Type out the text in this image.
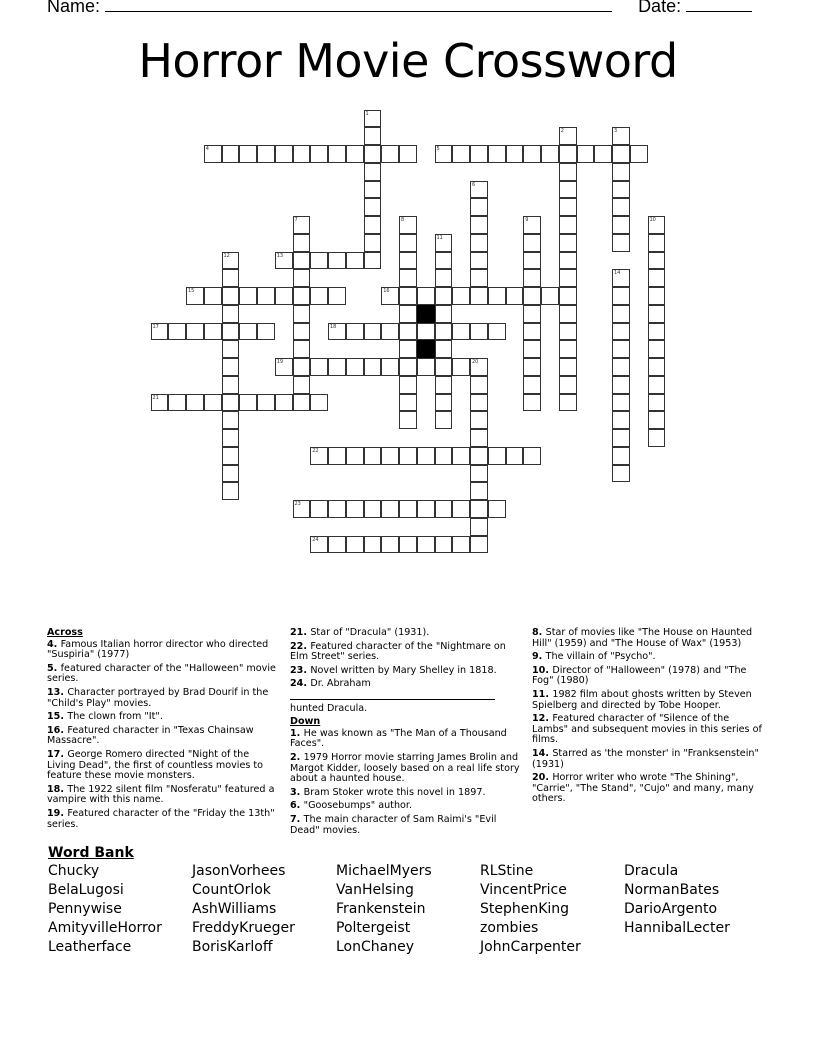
Name:	Date:
Horror Movie Crossword
1
2	3
4	5
6
7	8	9	10
11
12	13
14
15	16
17	18
19	20
21
22
23
24
Across
4. Famous Italian horror director who directed "Suspiria" (1977)
5. featured character of the "Halloween" movie series.
13. Character portrayed by Brad Dourif in the "Child's Play" movies.
15. The clown from "It".
16. Featured character in "Texas Chainsaw Massacre".
17. George Romero directed "Night of the Living Dead", the first of countless movies to feature these movie monsters.
18. The 1922 silent film "Nosferatu" featured a vampire with this name.
19. Featured character of the "Friday the 13th" series.
21. Star of "Dracula" (1931).
22. Featured character of the "Nightmare on Elm Street" series.
23. Novel written by Mary Shelley in 1818.
24. Dr. Abraham  hunted Dracula.
Down
1. He was known as "The Man of a Thousand Faces".
2. 1979 Horror movie starring James Brolin and Margot Kidder, loosely based on a real life story about a haunted house.
3. Bram Stoker wrote this novel in 1897.
6. "Goosebumps" author.
7. The main character of Sam Raimi's "Evil Dead" movies.
8. Star of movies like "The House on Haunted Hill" (1959) and "The House of Wax" (1953)
9. The villain of "Psycho".
10. Director of "Halloween" (1978) and "The Fog" (1980)
11. 1982 film about ghosts written by Steven Spielberg and directed by Tobe Hooper.
12. Featured character of "Silence of the Lambs" and subsequent movies in this series of films.
14. Starred as 'the monster' in "Franksenstein" (1931)
20. Horror writer who wrote "The Shining", "Carrie", "The Stand", "Cujo" and many, many others.
Word Bank
Chucky
BelaLugosi
Pennywise
AmityvilleHorror
Leatherface
JasonVorhees
CountOrlok
AshWilliams
FreddyKrueger
BorisKarloff
MichaelMyers
VanHelsing
Frankenstein
Poltergeist
LonChaney
RLStine
VincentPrice
StephenKing
zombies
JohnCarpenter
Dracula
NormanBates
DarioArgento
HannibalLecter
